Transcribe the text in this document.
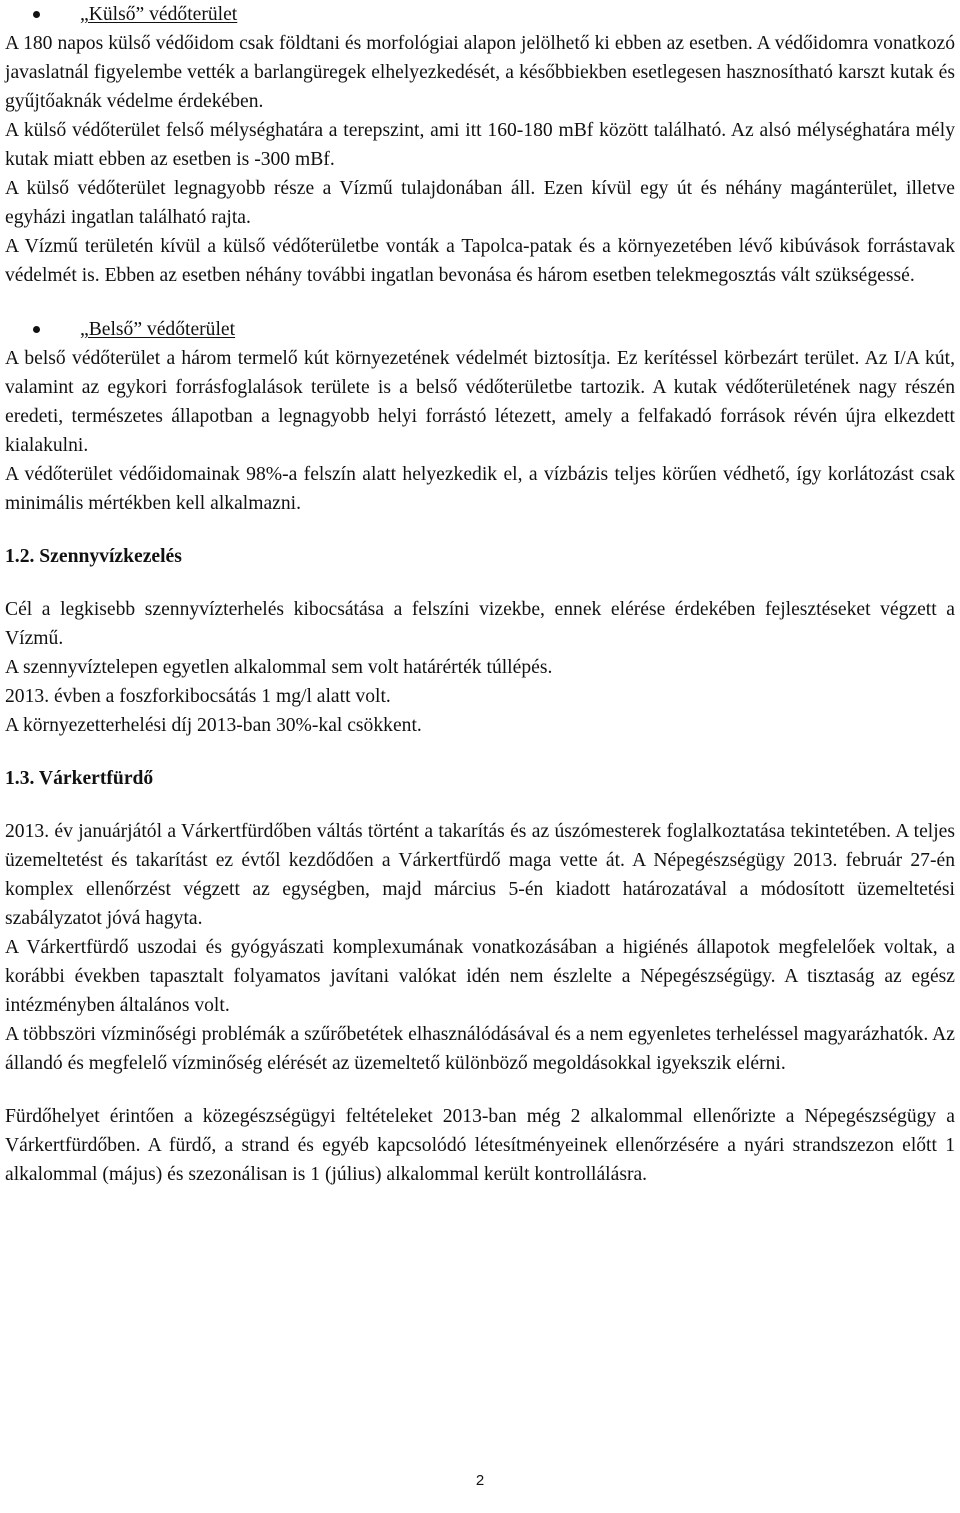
„Külső” védőterület

A 180 napos külső védőidom csak földtani és morfológiai alapon jelölhető ki ebben az esetben. A védőidomra vonatkozó javaslatnál figyelembe vették a barlangüregek elhelyezkedését, a későbbiekben esetlegesen hasznosítható karszt kutak és gyűjtőaknák védelme érdekében.

A külső védőterület felső mélységhatára a terepszint, ami itt 160-180 mBf között található. Az alsó mélységhatára mély kutak miatt ebben az esetben is -300 mBf.

A külső védőterület legnagyobb része a Vízmű tulajdonában áll. Ezen kívül egy út és néhány magánterület, illetve egyházi ingatlan található rajta.

A Vízmű területén kívül a külső védőterületbe vonták a Tapolca-patak és a környezetében lévő kibúvások forrástavak védelmét is. Ebben az esetben néhány további ingatlan bevonása és három esetben telekmegosztás vált szükségessé.

„Belső” védőterület

A belső védőterület a három termelő kút környezetének védelmét biztosítja. Ez kerítéssel körbezárt terület. Az I/A kút, valamint az egykori forrásfoglalások területe is a belső védőterületbe tartozik. A kutak védőterületének nagy részén eredeti, természetes állapotban a legnagyobb helyi forrástó létezett, amely a felfakadó források révén újra elkezdett kialakulni.

A védőterület védőidomainak 98%-a felszín alatt helyezkedik el, a vízbázis teljes körűen védhető, így korlátozást csak minimális mértékben kell alkalmazni.

1.2. Szennyvízkezelés

Cél a legkisebb szennyvízterhelés kibocsátása a felszíni vizekbe, ennek elérése érdekében fejlesztéseket végzett a Vízmű.

A szennyvíztelepen egyetlen alkalommal sem volt határérték túllépés.

2013. évben a foszforkibocsátás 1 mg/l alatt volt.

A környezetterhelési díj 2013-ban 30%-kal csökkent.

1.3. Várkertfürdő

2013. év januárjától a Várkertfürdőben váltás történt a takarítás és az úszómesterek foglalkoztatása tekintetében. A teljes üzemeltetést és takarítást ez évtől kezdődően a Várkertfürdő maga vette át. A Népegészségügy 2013. február 27-én komplex ellenőrzést végzett az egységben, majd március 5-én kiadott határozatával a módosított üzemeltetési szabályzatot jóvá hagyta.

A Várkertfürdő uszodai és gyógyászati komplexumának vonatkozásában a higiénés állapotok megfelelőek voltak, a korábbi években tapasztalt folyamatos javítani valókat idén nem észlelte a Népegészségügy. A tisztaság az egész intézményben általános volt.

A többszöri vízminőségi problémák a szűrőbetétek elhasználódásával és a nem egyenletes terheléssel magyarázhatók. Az állandó és megfelelő vízminőség elérését az üzemeltető különböző megoldásokkal igyekszik elérni.

Fürdőhelyet érintően a közegészségügyi feltételeket 2013-ban még 2 alkalommal ellenőrizte a Népegészségügy a Várkertfürdőben. A fürdő, a strand és egyéb kapcsolódó létesítményeinek ellenőrzésére a nyári strandszezon előtt 1 alkalommal (május) és szezonálisan is 1 (július) alkalommal került kontrollálásra.

2
